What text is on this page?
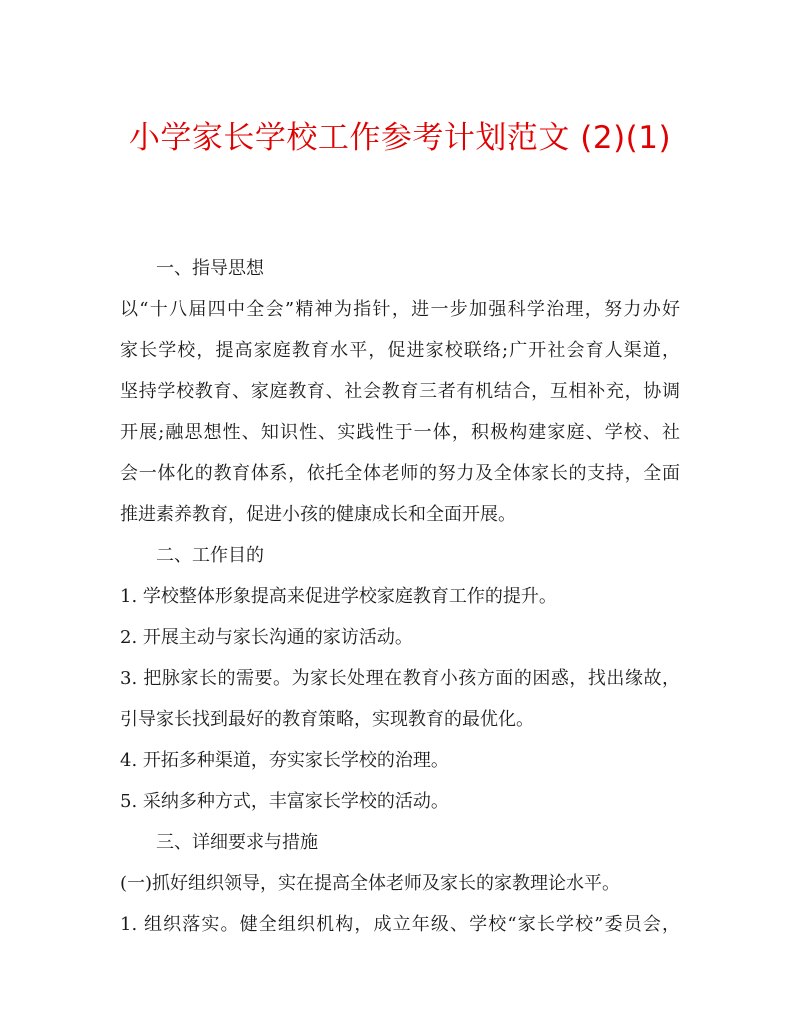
小学家长学校工作参考计划范文 (2)(1)
一、指导思想
以“十八届四中全会”精神为指针，进一步加强科学治理，努力办好
家长学校，提高家庭教育水平，促进家校联络;广开社会育人渠道，
坚持学校教育、家庭教育、社会教育三者有机结合，互相补充，协调
开展;融思想性、知识性、实践性于一体，积极构建家庭、学校、社
会一体化的教育体系，依托全体老师的努力及全体家长的支持，全面
推进素养教育，促进小孩的健康成长和全面开展。
二、工作目的
1. 学校整体形象提高来促进学校家庭教育工作的提升。
2. 开展主动与家长沟通的家访活动。
3. 把脉家长的需要。为家长处理在教育小孩方面的困惑，找出缘故，
引导家长找到最好的教育策略，实现教育的最优化。
4. 开拓多种渠道，夯实家长学校的治理。
5. 采纳多种方式，丰富家长学校的活动。
三、详细要求与措施
(一)抓好组织领导，实在提高全体老师及家长的家教理论水平。
1. 组织落实。健全组织机构，成立年级、学校“家长学校”委员会，
